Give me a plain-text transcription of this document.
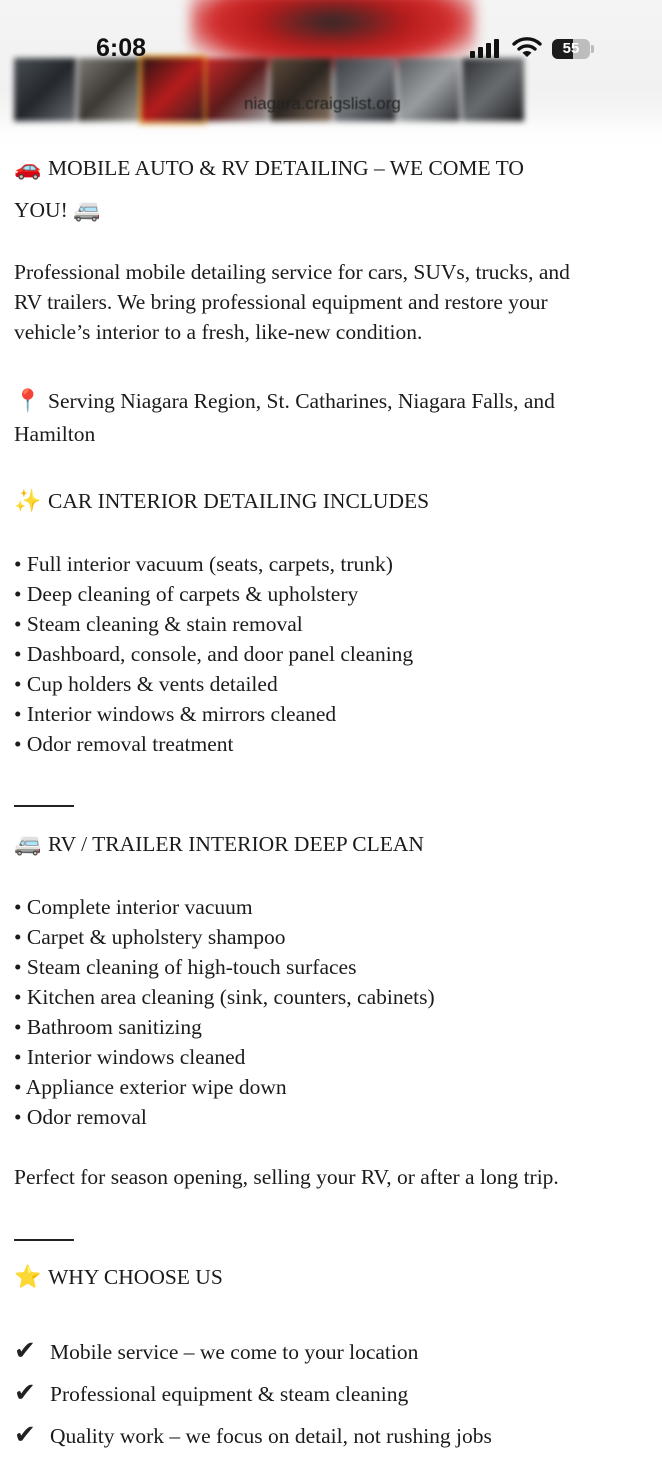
niagara.craigslist.org
6:08	55
🚗 MOBILE AUTO & RV DETAILING – WE COME TO
YOU! 🚐

Professional mobile detailing service for cars, SUVs, trucks, and

RV trailers. We bring professional equipment and restore your

vehicle’s interior to a fresh, like-new condition.

📍 Serving Niagara Region, St. Catharines, Niagara Falls, and

Hamilton

✨ CAR INTERIOR DETAILING INCLUDES

• Full interior vacuum (seats, carpets, trunk)

• Deep cleaning of carpets & upholstery

• Steam cleaning & stain removal

• Dashboard, console, and door panel cleaning

• Cup holders & vents detailed

• Interior windows & mirrors cleaned

• Odor removal treatment

🚐 RV / TRAILER INTERIOR DEEP CLEAN

• Complete interior vacuum

• Carpet & upholstery shampoo

• Steam cleaning of high-touch surfaces

• Kitchen area cleaning (sink, counters, cabinets)

• Bathroom sanitizing

• Interior windows cleaned

• Appliance exterior wipe down

• Odor removal

Perfect for season opening, selling your RV, or after a long trip.

⭐ WHY CHOOSE US

✔ Mobile service – we come to your location

✔ Professional equipment & steam cleaning

✔ Quality work – we focus on detail, not rushing jobs
